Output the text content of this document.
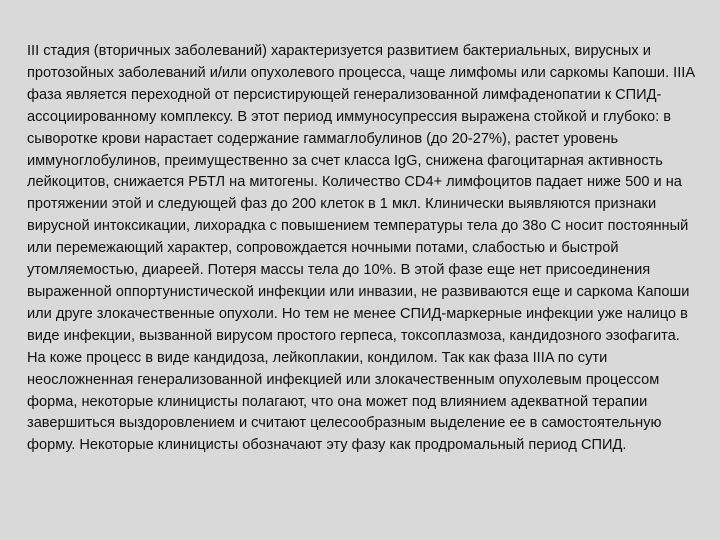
III стадия (вторичных заболеваний) характеризуется развитием бактериальных, вирусных и протозойных заболеваний и/или опухолевого процесса, чаще лимфомы или саркомы Капоши. IIIA фаза является переходной от персистирующей генерализованной лимфаденопатии к СПИД-ассоциированному комплексу. В этот период иммуносупрессия выражена стойкой и глубоко: в сыворотке крови нарастает содержание гаммаглобулинов (до 20-27%), растет уровень иммуноглобулинов, преимущественно за счет класса IgG, снижена фагоцитарная активность лейкоцитов, снижается РБТЛ на митогены. Количество CD4+ лимфоцитов падает ниже 500 и на протяжении этой и следующей фаз до 200 клеток в 1 мкл. Клинически выявляются признаки вирусной интоксикации, лихорадка с повышением температуры тела до 38о С носит постоянный или перемежающий характер, сопровождается ночными потами, слабостью и быстрой утомляемостью, диареей. Потеря массы тела до 10%. В этой фазе еще нет присоединения выраженной оппортунистической инфекции или инвазии, не развиваются еще и саркома Капоши или друге злокачественные опухоли. Но тем не менее СПИД-маркерные инфекции уже налицо в виде инфекции, вызванной вирусом простого герпеса, токсоплазмоза, кандидозного эзофагита. На коже процесс в виде кандидоза, лейкоплакии, кондилом. Так как фаза IIIA по сути неосложненная генерализованной инфекцией или злокачественным опухолевым процессом форма, некоторые клиницисты полагают, что она может под влиянием адекватной терапии завершиться выздоровлением и считают целесообразным выделение ее в самостоятельную форму. Некоторые клиницисты обозначают эту фазу как продромальный период СПИД.
